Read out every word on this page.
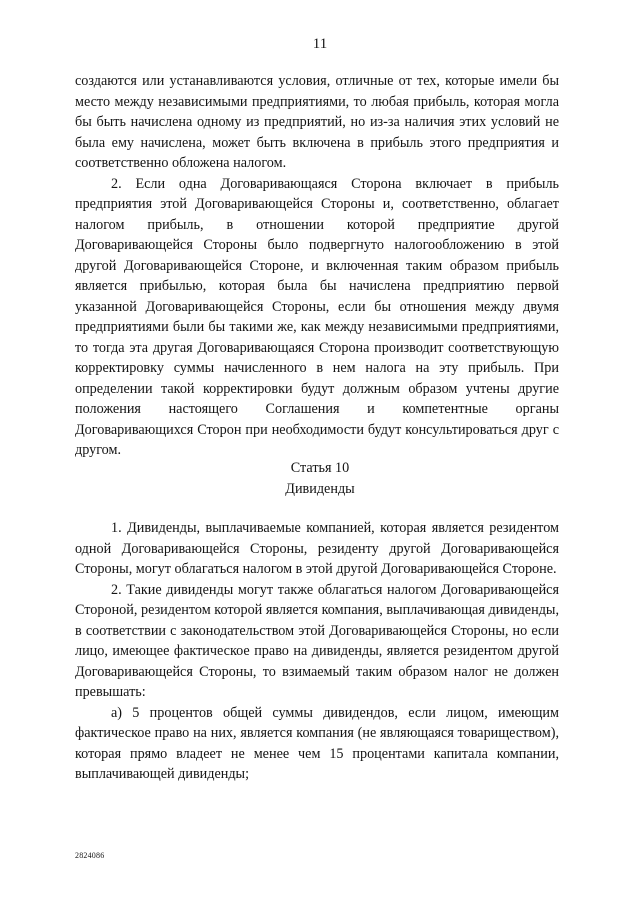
11

создаются или устанавливаются условия, отличные от тех, которые имели бы место между независимыми предприятиями, то любая прибыль, которая могла бы быть начислена одному из предприятий, но из-за наличия этих условий не была ему начислена, может быть включена в прибыль этого предприятия и соответственно обложена налогом.

2. Если одна Договаривающаяся Сторона включает в прибыль предприятия этой Договаривающейся Стороны и, соответственно, облагает налогом прибыль, в отношении которой предприятие другой Договаривающейся Стороны было подвергнуто налогообложению в этой другой Договаривающейся Стороне, и включенная таким образом прибыль является прибылью, которая была бы начислена предприятию первой указанной Договаривающейся Стороны, если бы отношения между двумя предприятиями были бы такими же, как между независимыми предприятиями, то тогда эта другая Договаривающаяся Сторона производит соответствующую корректировку суммы начисленного в нем налога на эту прибыль. При определении такой корректировки будут должным образом учтены другие положения настоящего Соглашения и компетентные органы Договаривающихся Сторон при необходимости будут консультироваться друг с другом.

Статья 10
Дивиденды

1. Дивиденды, выплачиваемые компанией, которая является резидентом одной Договаривающейся Стороны, резиденту другой Договаривающейся Стороны, могут облагаться налогом в этой другой Договаривающейся Стороне.

2. Такие дивиденды могут также облагаться налогом Договаривающейся Стороной, резидентом которой является компания, выплачивающая дивиденды, в соответствии с законодательством этой Договаривающейся Стороны, но если лицо, имеющее фактическое право на дивиденды, является резидентом другой Договаривающейся Стороны, то взимаемый таким образом налог не должен превышать:

а) 5 процентов общей суммы дивидендов, если лицом, имеющим фактическое право на них, является компания (не являющаяся товариществом), которая прямо владеет не менее чем 15 процентами капитала компании, выплачивающей дивиденды;

2824086
